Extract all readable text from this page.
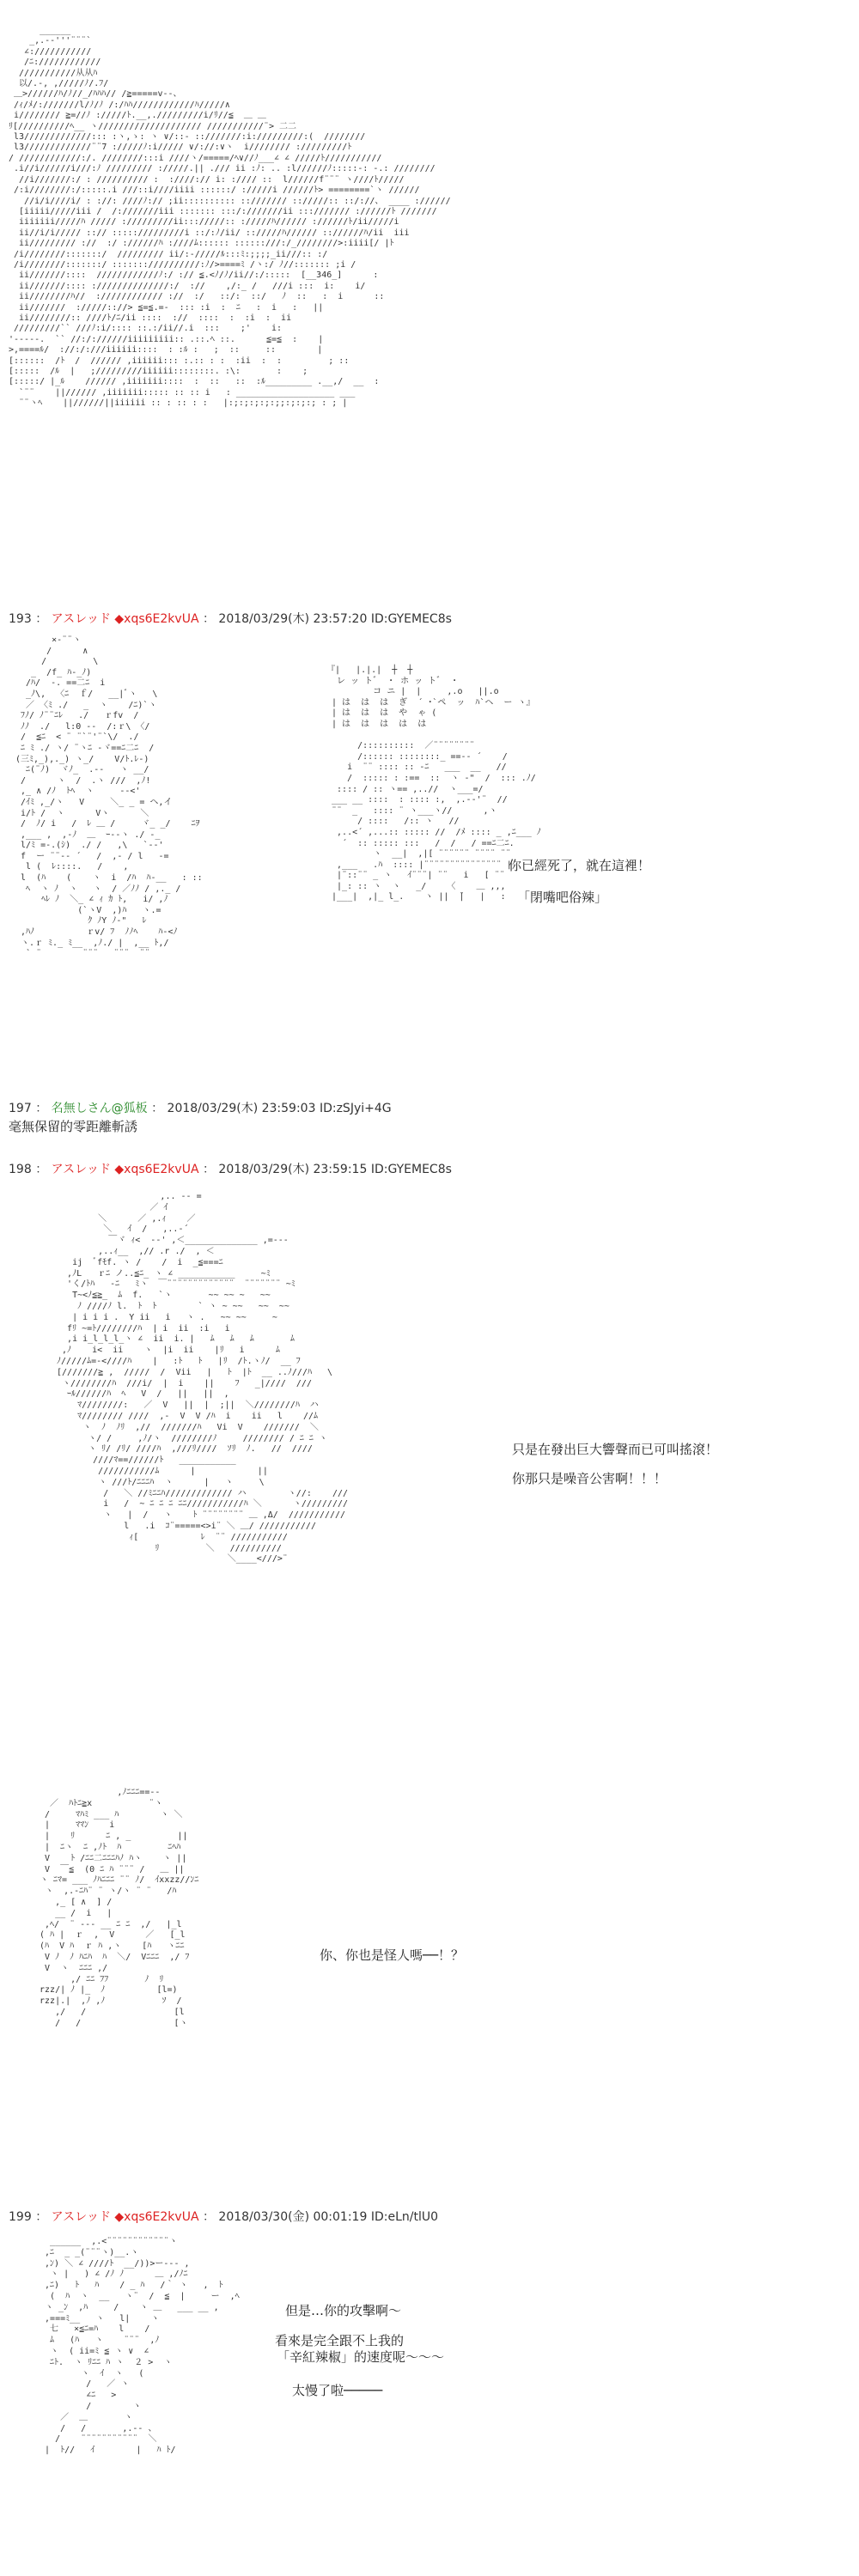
______
_,.-‐'''¨¨¨`
∠:///////////
/ﾆ:////////////
///////////从从ﾊ
以/.-, ,/////ﾉ/.ﾌ/
＿>//////ﾊ/ﾉ//_/ﾊﾊﾊ// /≧=====v--、
/ｨ/ﾒ/:///////l/ﾉ/ﾉ /:/ﾊﾊ////////////ﾊ/////∧
i//////// ≧=//ﾉ ://///ﾄ.__,./////////i/ﾘ//≦  ＿ ＿
ﾘ[//////////ﾍ__ ヽ//////////////////// ///////////¨> 二二
l3/////////////::: :ヽ,ゝ: ヽ ∨/::- ::///////:i://///////:(  ////////
l3/////////////¨¨7 ://///ﾉ:i///// ∨/://:∨ヽ  i//////// ://///////ﾄ
/ ////////////:/. ////////:::i ////ヽ/=====/ﾍ∨//ﾉ___∠ ∠ /////ﾄ///////////
.i//i//////i///:ﾉ ///////// ://///.|| ./// ii :ﾉ: .. :l//////ﾉ:::::-: -.: ////////
//i///////:/ : ////////// :  :////:// i: ://// ::  l//////f¨¨¨ ヽ////ﾄ/////
/:i////////:/:::::.i ///::i////iiii ::::::/ ://///i //////ﾄ> ========`ヽ //////
//i/i////i/ : ://: ////ﾉ:// ;ii:::::::::: :://///// :://///:: ::/://、 ____ ://////
[iiiii/////iii /  /:///////iii ::::::: :::/:///////ii ::://///// ://////ﾄ ///////
iiiiiii/////ﾊ ///// ://///////ii::://///:: ://///ﾊ////// ://////ﾄ/ii/////i
ii//i/i///// ::// ::::://///////i ::/:ﾉ/ii/ :://///ﾊ////// :://////ﾊ/ii  iii
ii///////// ://  :/ ://////ﾊ :////ﾑ:::::: ::::::///:/_////////>:iiii[/ |ﾄ
/i////////:::::::/  ///////// ii/:-/////ﾙ:::ﾐ:;;;;_ii///:: :/
/i////////:::::::/ ::::::://////////:ﾉ/>====ﾐ /ヽ:/ ﾉ//::::::: ;i /
ii///////::::  ////////////ﾉ:/ :// ≦.<ﾉ/ﾉ/ii//:/:::::  [__346_]      :
ii///////:::: ://////////////:/  ://    ,/:_ /   ///i :::  i:    i/
ii////////ﾊ//  ://////////// ://  :/   ::/:  ::/   ﾉ  ::   :  i      ::
ii///////  ://///:://> ≦=≦.=-  ::: :i  :  ﾆ   :  i   :   ||
ii////////:: ////ﾄ/ﾆ/ii ::::  ://  ::::  :  :i  :  ii
/////////`` ///ﾉ:i/:::: ::.:/ii//.i  :::    ;'    i:
'-----.  `` //:/://////iiiiiiiii:: .::.ﾍ ::.      ≦=≦  :    |
>,====ﾙ/  ://:/:///iiiiii::::  : :ﾙ :   ;  ::     ::        |
[::::::  /ﾄ  /  ////// ,iiiiii::: :.:: : :  :ii  :  :         ; ::
[:::::  /ﾙ  |   ;/////////iiiiii::::::::. :\:       :    ;
[:::::/ |_ﾙ    ////// ,iiiiiii::::  :  ::   ::  :ﾙ_________ .__,/  __  :
`¨¨    ||////// ,iiiiiii::::: :: :: i   : ___________________ ___
¨¨ヽﾍ    ||//////||iiiiii :: : :: : :   |:;:;:;:;:;;:;:;:; : ; |
193 ： アスレッド ◆xqs6E2kvUA ： 2018/03/29(木) 23:57:20 ID:GYEMEC8s
×-¨¨ヽ
/      ∧
/         \
_  /f_ ﾊ-_ﾉ)
/ﾊ/  -. ==二ﾆ  i
_ﾉ\,  〈ﾆ  ｆ/   __|ﾞヽ   \
／ 〈ﾐ ./   _  ヽ    /ﾆ)`ヽ
ﾌﾉ/ ﾉ¨¨ﾆﾚ   ./   ｒfv  /
ﾉﾉ  ./   l:0 ‐‐  /:ｒ\ 〈/
/  ≦ﾆ  < ¨ ¨`¨'¨`\/  ./
ﾆ ﾐ ./ ヽ/ ¨ヽﾆ ‐ヾ==ﾆ二ﾆ  /
(三ﾐ,_),._) ヽ_/    V/ﾄ.ﾚ-)
ﾆ(¨ﾉ)  ヾﾉ_  .--   ヽ __/
/      ヽ  /  .ヽ ///  ,ﾉ!
,_ ∧ /ﾉ  ﾄﾍ  ヽ     ‐‐<'
/ｲﾐ ,_/ヽ   V     ＼_ _ = ヘ,イ
i/ﾄ /  ヽ      Vヽ      ＼
/  ﾉ/ i   /  ﾚ ＿ /     ヾ_ _/    ﾆｦ
,___ ,  ,-ﾉ  ＿  ｰ--ヽ ./ -_
l/ﾐ =-.(ｼ)  ./ /   ,\   `‐-'
f  ー ¨¨-- ´   /  ,- / l   -=
l (  ﾚ::::.   /    ,
l  (ﾊ    (    ヽ  i  /ﾊ  ﾊ-__   : ::
ﾍ  ヽ ﾉ  ヽ   ヽ  / ／ﾉﾉ / ,._ /
ﾍﾚ ﾉ  ＼_ ∠ ｨ ｶ ﾄ,   i/ ,ﾉ
(`ヽV  ,)ﾊ   ヽ.=
ｸ ﾉY ﾉ-"   ﾚ
,ﾊﾉ          ｒv/ ﾌ  ﾉﾉﾍ    ﾊ-<ﾉ
ヽ.ｒ ﾐ._ ﾐ__  ,ﾉ./ |  ,__ ﾄ,/
` ¨        ¨¨¨   ¨¨¨  ¨¨
『|   |.|.|  ┼  ┼
レ ッ ト゛ ・ ホ ッ ト゛ ・
コ ニ |  |     ,.o   ||.o
| は  は  は  ぎ  ´ ･`ペ  ッ  ﾊ`ヘ  ー ヽ』
| は  は  は  や  ゃ (
| は  は  は  は  は

/::::::::::  ／¨¨¨¨¨¨¨¨
/:::::: ::::::::_ ==-- ´    /
i  ¨¨ :::: :: -ﾆ   ___  __   //
/  ::::: : :==  ::  ヽ -"  /  ::: .ﾉ/
:::: / :: ヽ== ,..//  ヽ___=/
___ __ ::::  : :::: :,  ,.-‐'¨  //
¨¨  _   :::: ¨ ヽ___ヽ//      ,ヽ
/ ::::   /:: ヽ   //
,..<´ ,...:: ::::: //  /ﾒ :::: _ ,ﾆ___ ﾉ
´  :: ::::: :::   /  /   / ==ﾆ二ﾆ.
ヽ  __|  ,|[ ¨¨¨¨¨¨ ¨¨¨¨ ¨¨
,___   .ﾊ  :::: |¨¨¨¨¨¨¨¨¨¨¨¨¨¨¨ |
|¨::¨¨ _ ヽ   ｲ¨¨¨| ¨¨   i   [ ¨¨
|_: :: ヽ  ヽ   _/    〈    ＿ ,,,
|___|  ,|_ l_.    ヽ ||  ̄|   |   :
你已經死了，就在這裡！
「閉嘴吧俗辣」
197 ： 名無しさん@狐板 ： 2018/03/29(木) 23:59:03 ID:zSJyi+4G
毫無保留的零距離斬誘
198 ： アスレッド ◆xqs6E2kvUA ： 2018/03/29(木) 23:59:15 ID:GYEMEC8s
,.. -- =
／ ｲ
＼      ／ ,.ｨ    ／
＼   ｲ  /   ,..-´
￣ヾ ｨ<  -‐' ,＜______________ ,=---
,..ｨ__  ,// .r ./  , ＜
ij  ﾞfﾓf. ヽ /    /  i  _≦===ﾆ
,ﾉL   ｒﾆ ノ..≦ﾆ_ ヽ ∠ ___________     ~ﾐ
'く/ﾄﾊ   -ﾆ   ﾐヽ  ￣¨¨¨¨¨¨¨¨¨¨¨¨¨  ¨¨¨¨¨¨¨ ~ﾐ
T~<ﾉ≦≧_  ﾑ  f.   `ヽ       ~~ ~~ ~   ~~
ﾉ ////ﾉ l.  ﾄ  ﾄ        ` ヽ ~ ~~   ~~  ~~
| i i i .  Y ii   i   ヽ .   ~~ ~~     ~
fﾘ ~=ﾄ////////ﾊ  | i  ii  :i   i
,i i_l_l_l_ヽ ∠  ii  i. |   ﾑ   ﾑ   ﾑ       ﾑ
,ﾉ    i<  ii    ヽ  |i  ii    |ﾘ   i      ﾑ
ﾉ/////ﾑ=-<////ﾊ    |   :ﾄ   ﾄ   |ﾘ  /ﾄ.ヽﾉ/  __ ﾌ
[///////≧ ,  /////  /  Vii   |   ﾄ  |ﾄ  __ ..ﾉ///ﾊ   \
ヽ////////ﾊ  ///i/  |  i    ||    ﾌ   _|////  ///
ｰﾙ//////ﾊ  ﾍ   V  /   ||   ||  ,
ﾏ////////:   ／  V   ||  |  ;||  ＼////////ﾊ  ハ
ﾏ//////// ////  ,-  V  V /ﾊ  i    ii   l    //ﾑ
ヽ  ﾉ  ﾉﾘ  ,//  ///////ﾊ   Vi  V    ///////  ＼
ヽ/ /     ,ﾉ/ヽ  ////////ﾉ     //////// / ﾆ ﾆ ヽ
ヽ ﾘ/ /ﾘ/ ////ﾊ  ,///ﾘ////  ｿﾘ  ﾉ.   //  ////
////ﾏ==//////ﾄ   ___________
///////////ﾑ      |            ||
ヽ ///ﾄ/ﾆﾆﾆﾊ  ヽ      |   ヽ     \
/   ＼ //ﾐﾆﾆﾊ///////////// ハ        ヽ//:    ///
i   /  ~ ﾆ ﾆ ﾆ ﾆﾆ///////////ﾊ ＼      ヽ/////////
ヽ   |  /   ヽ    ﾄ ¨¨¨¨¨¨¨¨ ＿ ,Δ/  ///////////
l   .i  ｺ¨=====<>i¨ ＼ ＿/ ///////////
ｨ[            ﾚ  ¨¨ ///////////
ﾘ         ＼   //////////
＼____<///>¨
只是在發出巨大響聲而已可叫搖滾！
你那只是噪音公害啊！！！
,ﾉﾆﾆﾆ==--
／  ﾊﾄﾆ≧x           ¨ヽ
/     ﾏﾊﾐ ___ ﾊ        ヽ ＼
|     ﾏﾏﾝ    i
|    ﾘ      ﾆ , _         ||
|  ﾆヽ  ﾆ ,ﾉﾄ  ﾊ         ﾆﾍﾊ
V    ﾄ /ﾆﾆ二ﾆﾆﾆﾊﾉ ﾊヽ    ヽ ||
V  ￣≦  (0 ﾆ ﾊ ¨¨¨ /   ＿ ||
ヽ ﾆﾏ= ___ ﾉﾊﾆﾆﾆ ¨¨ ﾉ/  ｲxxzz//ﾝﾆ
ヽ  ,.-ﾆﾊ¨ ¨ ヽ/ヽ ¨ ¨   /ﾊ
,_ [ ∧  ] /
__ /  i   |
,ﾍ/  ¨ --- __ ﾆ ﾆ  ,/   |_l
( ﾊ |  ｒ  ,  V      ／   [_l
(ﾊ  V ﾊ  ｒ ﾊ ,ヽ    [ﾊ   ヽﾆﾆ
V ﾉ  ﾉ ﾊﾆﾊ  ﾊ  ＼/  Vﾆﾆﾆ  ,/ ﾌ
V  ヽ  ﾆﾆﾆ ,/
,/ ﾆﾆ ﾌﾌ       ﾉ  ﾘ
rzz/| ﾉ |_  ﾉ          [l=)
rzz|.|  ,ﾉ ,ﾉ           ｿ  /
,/   /                 [l
/   /                  [ヽ
你、你也是怪人嗎──！？
199 ： アスレッド ◆xqs6E2kvUA ： 2018/03/30(金) 00:01:19 ID:eLn/tlU0
______  ,.<¨¨¨¨¨¨¨¨¨¨¨¨ヽ
,ﾆ  _ _(¨¨¨ヽ)__.ヽ
,ﾝ) ＼ ∠ ////ﾄ  __/))>ー--- ,
ヽ |   ) ∠ /ﾉ ﾉ      ＿ ,/ﾉﾆ
,ﾆ)   ﾄ   ﾊ    / _ ﾊ   /｀ ヽ   ,  ﾄ
(  ﾊ  ヽ  __   ヽ¨  /  ≦  |     ー  ,ﾍ
ヽ _ﾝ  ,ﾊ     /    ヽ ＿   ___ __ ,
,===ﾐ__   ヽ   l|    ヽ
七   ×≦ﾆ=ﾊ    l    /
ﾑ   (ﾊ   ヽ    ¨¨¨  ,ﾉ
ヽ  ( ii=ﾐ ≦ ヽ ∨  ∠
ﾆﾄ.  ヽ ﾘﾆﾆ ﾊ ヽ  ２ >  ヽ
ヽ  ｲ  ヽ   (
/   ／ ヽ
∠ﾆ   >
/        ヽ
／  ＿       ヽ
/   /       ,.-- 、
/    ¨¨¨¨¨¨¨¨¨¨¨  ＼
|  ﾄ//   ｲ        |   ﾊ ﾄ/
但是…你的攻擊啊〜
看來是完全跟不上我的
「辛紅辣椒」的速度呢〜〜〜
太慢了啦─────
